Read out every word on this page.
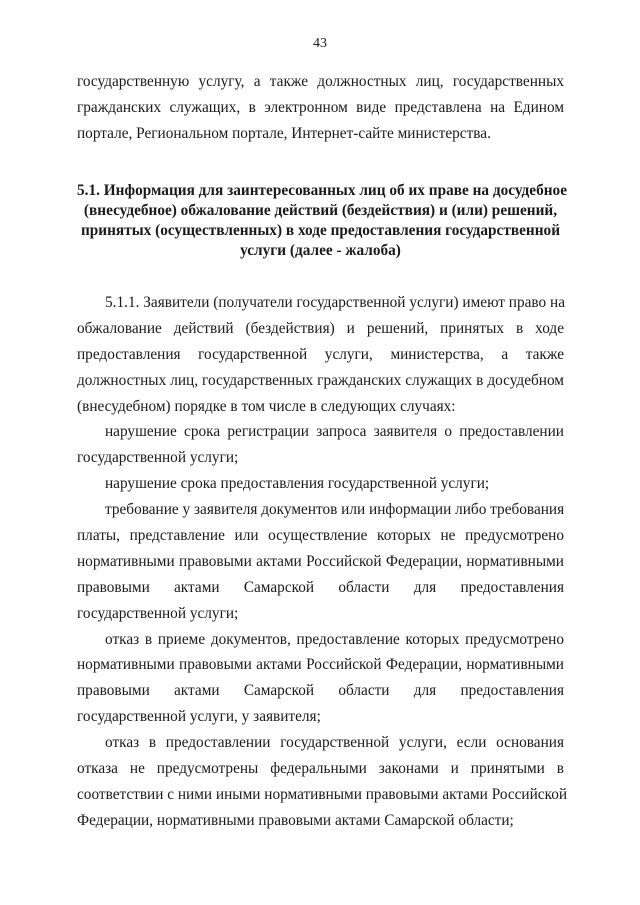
43
государственную услугу, а также должностных лиц, государственных
гражданских служащих, в электронном виде представлена на Едином
портале, Региональном портале, Интернет-сайте министерства.
5.1. Информация для заинтересованных лиц об их праве на досудебное
(внесудебное) обжалование действий (бездействия) и (или) решений,
принятых (осуществленных) в ходе предоставления государственной
услуги (далее - жалоба)
5.1.1. Заявители (получатели государственной услуги) имеют право на
обжалование действий (бездействия) и решений, принятых в ходе
предоставления государственной услуги, министерства, а также
должностных лиц, государственных гражданских служащих в досудебном
(внесудебном) порядке в том числе в следующих случаях:
нарушение срока регистрации запроса заявителя о предоставлении
государственной услуги;
нарушение срока предоставления государственной услуги;
требование у заявителя документов или информации либо требования
платы, представление или осуществление которых не предусмотрено
нормативными правовыми актами Российской Федерации, нормативными
правовыми актами Самарской области для предоставления
государственной услуги;
отказ в приеме документов, предоставление которых предусмотрено
нормативными правовыми актами Российской Федерации, нормативными
правовыми актами Самарской области для предоставления
государственной услуги, у заявителя;
отказ в предоставлении государственной услуги, если основания
отказа не предусмотрены федеральными законами и принятыми в
соответствии с ними иными нормативными правовыми актами Российской
Федерации, нормативными правовыми актами Самарской области;
